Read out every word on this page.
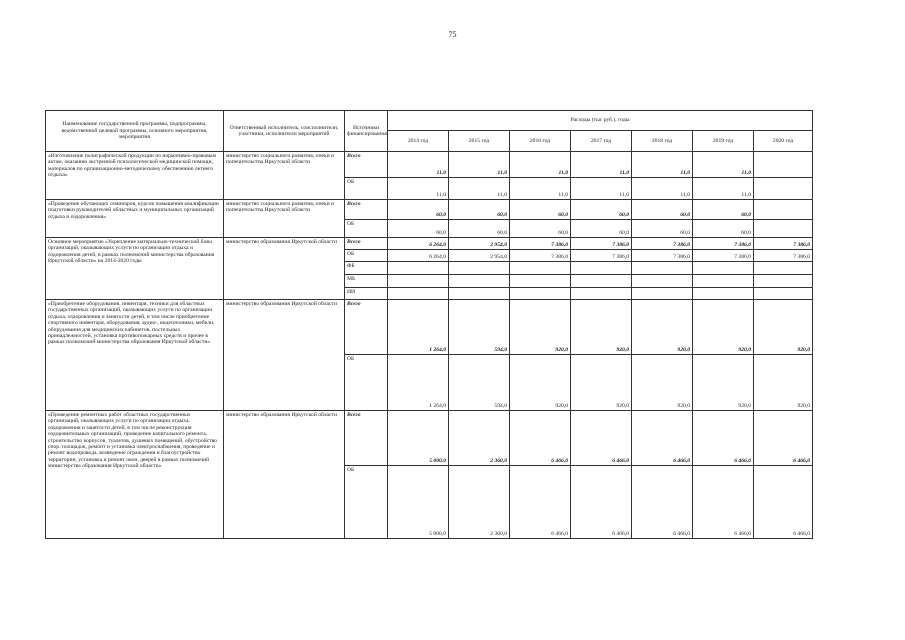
75
Наименование государственной программы, подпрограммы, ведомственной целевой программы, основного мероприятия, мероприятия	Ответственный исполнитель, соисполнители, участники, исполнители мероприятий	Источники финансирования	Расходы (тыс руб.), годы						
			2014 год	2015 год	2016 год	2017 год	2018 год	2019 год	2020 год
«Изготовление полиграфической продукции по нормативно-правовым актам, оказанию экстренной психологической медицинской помощи, материалов по организационно-методическому обеспечению летнего отдыха»	министерство социального развития, опеки и попечительства Иркутской области	Всего	11,0	11,0	11,0	11,0	11,0	11,0	
		ОБ	11,0	11,0	11,0	11,0	11,0	11,0	
«Проведение обучающих семинаров, курсов повышения квалификации подготовки руководителей областных и муниципальных организаций отдыха и оздоровления»	министерство социального развития, опеки и попечительства Иркутской области	Всего	60,0	60,0	60,0	60,0	60,0	60,0	
		ОБ	60,0	60,0	60,0	60,0	60,0	60,0	
Основное мероприятие «Укрепление материально-технической базы организаций, оказывающих услуги по организации отдыха и оздоровления детей, в рамках полномочий министерства образования Иркутской области» на 2014-2020 годы	министерство образования Иркутской области	Всего	6 264,0	2 954,0	7 386,0	7 386,0	7 386,0	7 386,0	7 386,0
		ОБ	6 264,0	2 954,0	7 386,0	7 386,0	7 386,0	7 386,0	7 386,0
		ФБ							
		МБ							
		ИИ							
«Приобретение оборудования, инвентаря, техники для областных государственных организаций, оказывающих услуги по организации отдыха, оздоровления и занятости детей, в том числе приобретение спортивного инвентаря, оборудования, аудио-, видеотехники, мебели, оборудования для медицинских кабинетов, постельных принадлежностей, установка противопожарных средств и прочее в рамках полномочий министерства образования Иркутской области»	министерство образования Иркутской области	Всего	1 264,0	594,0	920,0	920,0	920,0	920,0	920,0
		ОБ	1 264,0	594,0	920,0	920,0	920,0	920,0	920,0
«Проведение ремонтных работ областных государственных организаций, оказывающих услуги по организации отдыха, оздоровления и занятости детей, в том числе реконструкция оздоровительных организаций, проведение капитального ремонта, строительство корпусов, туалетов, душевых помещений, обустройство спор. площадок, ремонт и установка электроснабжения, проведение и ремонт водопровода, возведение ограждения и благоустройство территории, установка и ремонт окон, дверей в рамках полномочий министерства образования Иркутской области»	министерство образования Иркутской области	Всего	5 000,0	2 360,0	6 466,0	6 466,0	6 466,0	6 466,0	6 466,0
		ОБ	5 000,0	2 360,0	6 466,0	6 466,0	6 466,0	6 466,0	6 466,0
